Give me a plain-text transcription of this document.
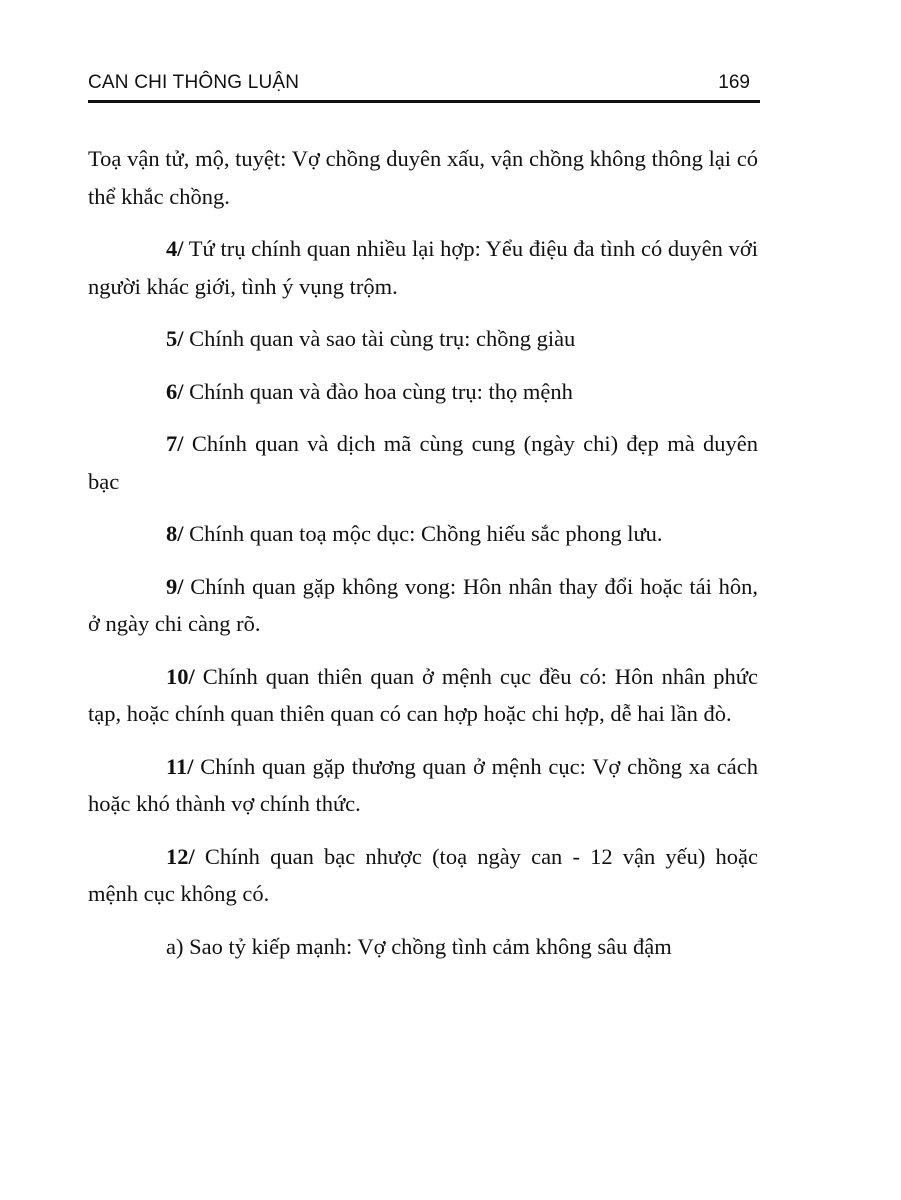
CAN CHI THÔNG LUẬN	169

Toạ vận tử, mộ, tuyệt: Vợ chồng duyên xấu, vận chồng không thông lại có thể khắc chồng.

4/ Tứ trụ chính quan nhiều lại hợp: Yểu điệu đa tình có duyên với người khác giới, tình ý vụng trộm.

5/ Chính quan và sao tài cùng trụ: chồng giàu

6/ Chính quan và đào hoa cùng trụ: thọ mệnh

7/ Chính quan và dịch mã cùng cung (ngày chi) đẹp mà duyên bạc

8/ Chính quan toạ mộc dục: Chồng hiếu sắc phong lưu.

9/ Chính quan gặp không vong: Hôn nhân thay đổi hoặc tái hôn, ở ngày chi càng rõ.

10/ Chính quan thiên quan ở mệnh cục đều có: Hôn nhân phức tạp, hoặc chính quan thiên quan có can hợp hoặc chi hợp, dễ hai lần đò.

11/ Chính quan gặp thương quan ở mệnh cục: Vợ chồng xa cách hoặc khó thành vợ chính thức.

12/ Chính quan bạc nhược (toạ ngày can - 12 vận yếu) hoặc mệnh cục không có.

a) Sao tỷ kiếp mạnh: Vợ chồng tình cảm không sâu đậm
